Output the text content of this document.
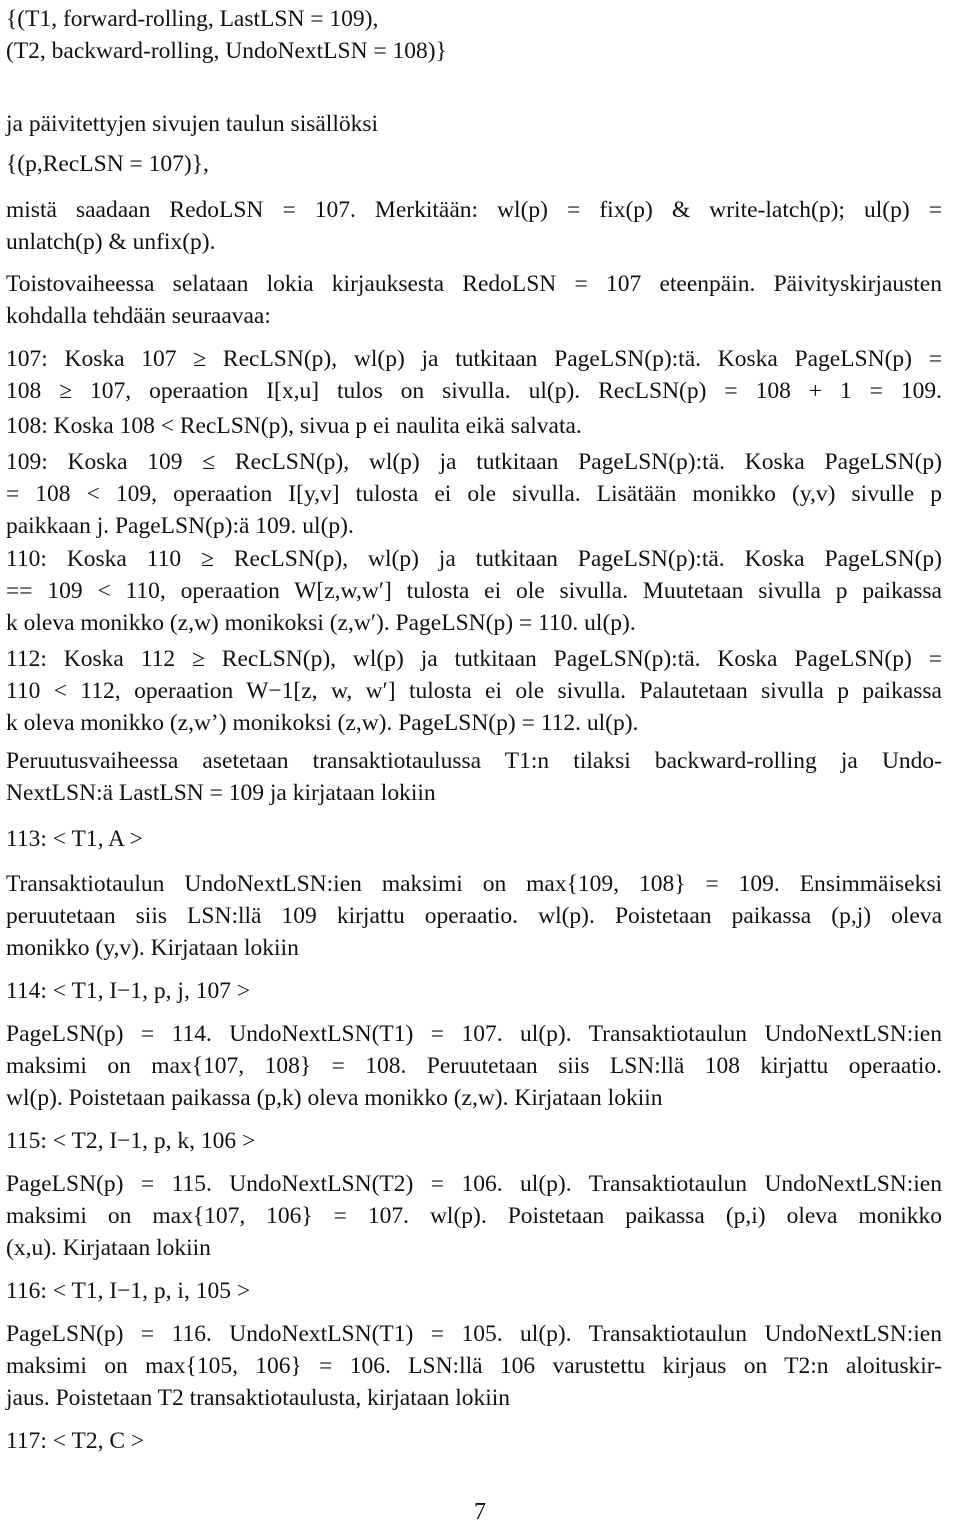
{(T1, forward-rolling, LastLSN = 109),
(T2, backward-rolling, UndoNextLSN = 108)}
ja päivitettyjen sivujen taulun sisällöksi
{(p,RecLSN = 107)},
mistä saadaan RedoLSN = 107. Merkitään: wl(p) = fix(p) & write-latch(p); ul(p) =
unlatch(p) & unfix(p).
Toistovaiheessa selataan lokia kirjauksesta RedoLSN = 107 eteenpäin. Päivityskirjausten
kohdalla tehdään seuraavaa:
107: Koska 107 ≥ RecLSN(p), wl(p) ja tutkitaan PageLSN(p):tä. Koska PageLSN(p) =
108 ≥ 107, operaation I[x,u] tulos on sivulla. ul(p). RecLSN(p) = 108 + 1 = 109.
108: Koska 108 < RecLSN(p), sivua p ei naulita eikä salvata.
109: Koska 109 ≤ RecLSN(p), wl(p) ja tutkitaan PageLSN(p):tä. Koska PageLSN(p)
= 108 < 109, operaation I[y,v] tulosta ei ole sivulla. Lisätään monikko (y,v) sivulle p
paikkaan j. PageLSN(p):ä 109. ul(p).
110: Koska 110 ≥ RecLSN(p), wl(p) ja tutkitaan PageLSN(p):tä. Koska PageLSN(p)
== 109 < 110, operaation W[z,w,w′] tulosta ei ole sivulla. Muutetaan sivulla p paikassa
k oleva monikko (z,w) monikoksi (z,w′). PageLSN(p) = 110. ul(p).
112: Koska 112 ≥ RecLSN(p), wl(p) ja tutkitaan PageLSN(p):tä. Koska PageLSN(p) =
110 < 112, operaation W−1[z, w, w′] tulosta ei ole sivulla. Palautetaan sivulla p paikassa
k oleva monikko (z,w’) monikoksi (z,w). PageLSN(p) = 112. ul(p).
Peruutusvaiheessa asetetaan transaktiotaulussa T1:n tilaksi backward-rolling ja Undo-
NextLSN:ä LastLSN = 109 ja kirjataan lokiin
113: < T1, A >
Transaktiotaulun UndoNextLSN:ien maksimi on max{109, 108} = 109. Ensimmäiseksi
peruutetaan siis LSN:llä 109 kirjattu operaatio. wl(p). Poistetaan paikassa (p,j) oleva
monikko (y,v). Kirjataan lokiin
114: < T1, I−1, p, j, 107 >
PageLSN(p) = 114. UndoNextLSN(T1) = 107. ul(p). Transaktiotaulun UndoNextLSN:ien
maksimi on max{107, 108} = 108. Peruutetaan siis LSN:llä 108 kirjattu operaatio.
wl(p). Poistetaan paikassa (p,k) oleva monikko (z,w). Kirjataan lokiin
115: < T2, I−1, p, k, 106 >
PageLSN(p) = 115. UndoNextLSN(T2) = 106. ul(p). Transaktiotaulun UndoNextLSN:ien
maksimi on max{107, 106} = 107. wl(p). Poistetaan paikassa (p,i) oleva monikko
(x,u). Kirjataan lokiin
116: < T1, I−1, p, i, 105 >
PageLSN(p) = 116. UndoNextLSN(T1) = 105. ul(p). Transaktiotaulun UndoNextLSN:ien
maksimi on max{105, 106} = 106. LSN:llä 106 varustettu kirjaus on T2:n aloituskir-
jaus. Poistetaan T2 transaktiotaulusta, kirjataan lokiin
117: < T2, C >
7
